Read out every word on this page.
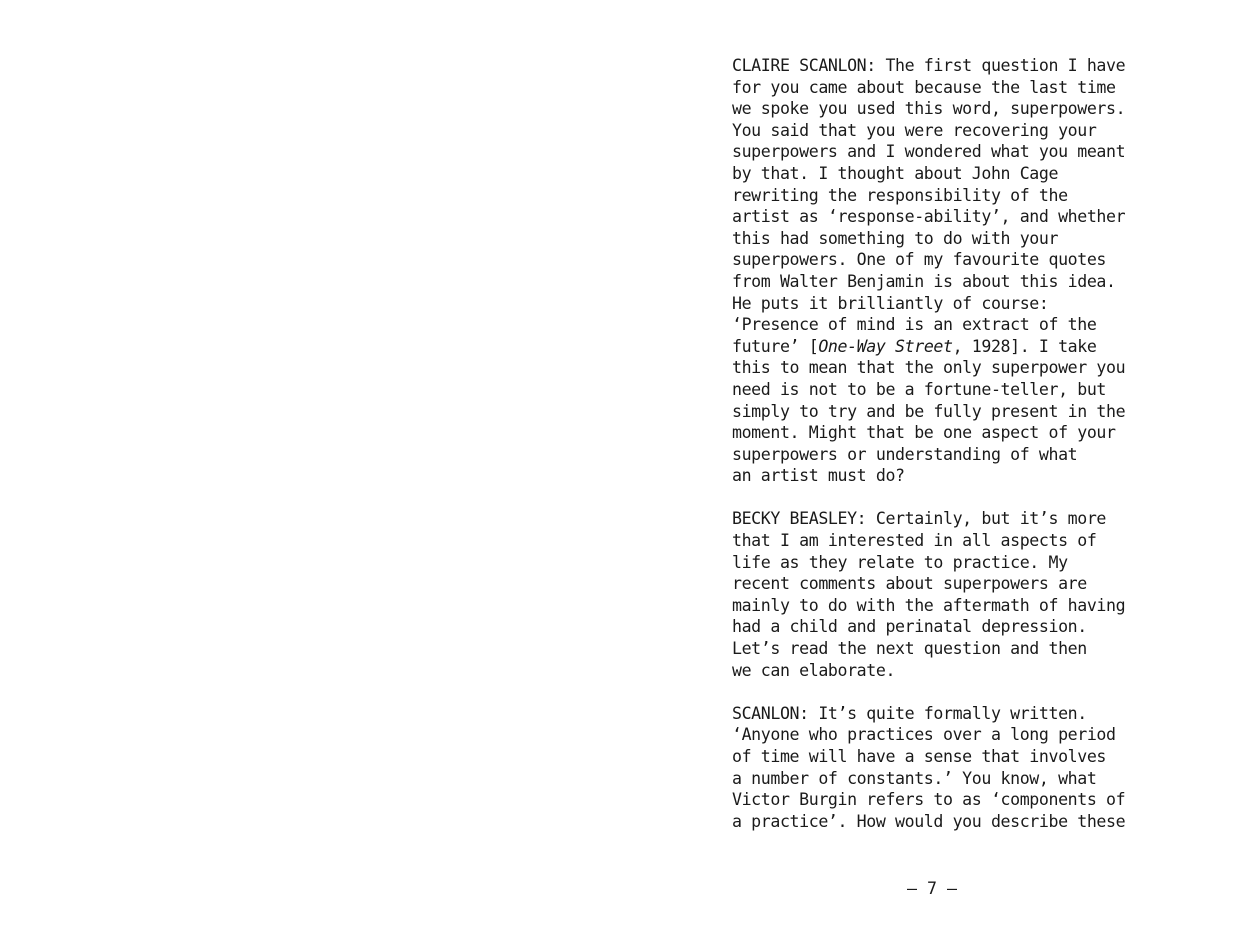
CLAIRE SCANLON: The first question I have
for you came about because the last time
we spoke you used this word, superpowers.
You said that you were recovering your
superpowers and I wondered what you meant
by that. I thought about John Cage
rewriting the responsibility of the
artist as ‘response-ability’, and whether
this had something to do with your
superpowers. One of my favourite quotes
from Walter Benjamin is about this idea.
He puts it brilliantly of course:
‘Presence of mind is an extract of the
future’ [One-Way Street, 1928]. I take
this to mean that the only superpower you
need is not to be a fortune-teller, but
simply to try and be fully present in the
moment. Might that be one aspect of your
superpowers or understanding of what
an artist must do?
BECKY BEASLEY: Certainly, but it’s more
that I am interested in all aspects of
life as they relate to practice. My
recent comments about superpowers are
mainly to do with the aftermath of having
had a child and perinatal depression.
Let’s read the next question and then
we can elaborate.
SCANLON: It’s quite formally written.
‘Anyone who practices over a long period
of time will have a sense that involves
a number of constants.’ You know, what
Victor Burgin refers to as ‘components of
a practice’. How would you describe these
— 7 —
